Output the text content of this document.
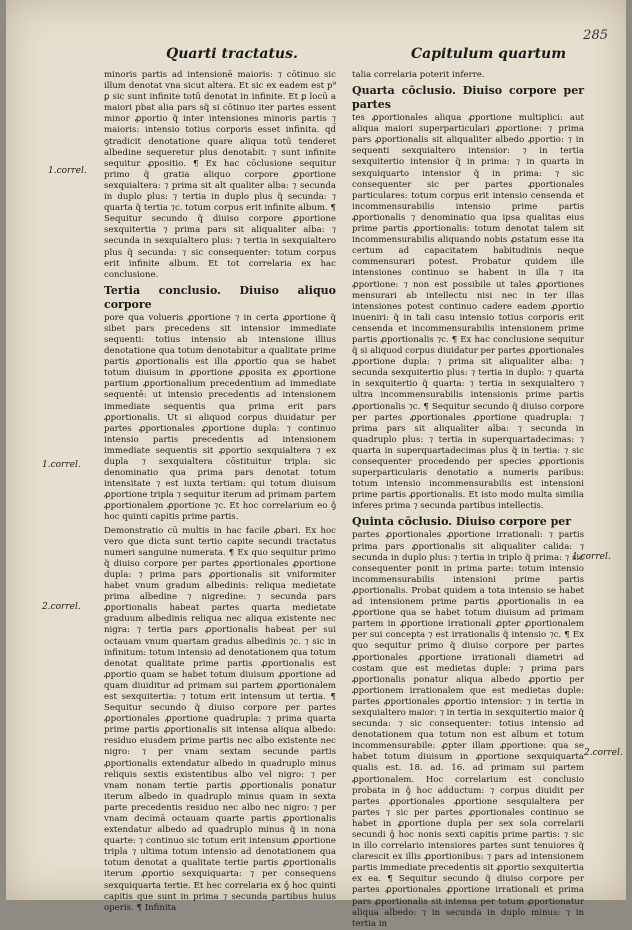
285
Quarti tractatus.	Capitulum quartum
1.correl.
1.correl.
2.correl.
1.correl.
2.correl.

minoris partis ad intensionē maioris: ⁊ cōtinuo sic illum denotat vna sicut altera. Et sic ex eadem est p⁹ ꝑ sic sunt infinite totū denotat in infinite. Et ꝑ locū a maiori pbat alia pars sq̃ si cōtinuo iter partes essent minor ꝓportio q̃ inter intensiones minoris partis ⁊ maioris: intensio totius corporis esset infinita. qd̄ ꝯtradicit denotatione quare aliqua totū tenderet albedine sequeretur plus denotabit: ⁊ sunt infinite sequitur ꝓpositio. ¶ Ex hac cōclusione sequitur primo q̃ gratia aliquo corpore ꝓportione sexquialtera: ⁊ prima sit alt qualiter alba: ⁊ secunda in duplo plus: ⁊ tertia in duplo plus q̃ secunda: ⁊ quarta q̃ tertia ⁊c. totum corpus erit infinite album. ¶ Sequitur secundo q̃ diuiso corpore ꝓportione sexquitertia ⁊ prima pars sit aliqualiter alba: ⁊ secunda in sexquialtero plus: ⁊ tertia in sexquialtero plus q̃ secunda: ⁊ sic consequenter: totum corpus erit infinite album. Et tot correlaria ex hac conclusione.

Tertia conclusio. Diuiso aliquo corpore

pore qua volueris ꝓportione ⁊ in certa ꝓportione q̃ sibet pars precedens sit intensior immediate sequenti: totius intensio ab intensione illius denotatione qua totum denotabitur a qualitate prime partis ꝓportionalis est illa ꝓportio qua se habet totum diuisum in ꝓportione ꝓposita ex ꝓportione partium ꝓportionalium precedentium ad immediate sequentē: ut intensio precedentis ad intensionem immediate sequentis qua prima erit pars ꝓportionalis. Ut si aliquod corpus diuidatur per partes ꝓportionales ꝓportione dupla: ⁊ continuo intensio partis precedentis ad intensionem immediate sequentis sit ꝓportio sexquialtera ⁊ ex dupla ⁊ sexquialtera cōstituitur tripla: sic denominatio qua prima pars denotat totum intensitate ⁊ est iuxta tertiam: qui totum diuisum ꝓportione tripla ⁊ sequitur iterum ad primam partem ꝓportionalem ꝓportione ⁊c. Et hoc correlarium eo ꝯͤ hoc quinti capitis prime partis.

Demonstratio cū multis in hac facile ꝓbari. Ex hoc vero que dicta sunt tertio capite secundi tractatus numeri sanguine numerata. ¶ Ex quo sequitur primo q̃ diuiso corpore per partes ꝓportionales ꝓportione dupla: ⁊ prima pars ꝓportionalis sit vniformiter habet vnum gradum albedinis: reliqua medietate prima albedine ⁊ nigredine: ⁊ secunda pars ꝓportionalis habeat partes quarta medietate graduum albedinis reliqua nec aliqua existente nec nigra: ⁊ tertia pars ꝓportionalis habeat per sui octauam vnum quartam gradus albedinis ⁊c. ⁊ sic in infinitum: totum intensio ad denotationem qua totum denotat qualitate prime partis ꝓportionalis est ꝓportio quam se habet totum diuisum ꝓportione ad quam diuiditur ad primam sui partem ꝓportionalem est sexquitertia: ⁊ totum erit intensum ut tertia. ¶ Sequitur secundo q̃ diuiso corpore per partes ꝓportionales ꝓportione quadrupla: ⁊ prima quarta prime partis ꝓportionalis sit intensa aliqua albedo: residuo eiusdem prime partis nec albo existente nec nigro: ⁊ per vnam sextam secunde partis ꝓportionalis extendatur albedo in quadruplo minus reliquis sextis existentibus albo vel nigro: ⁊ per vnam nonam tertie partis ꝓportionalis ponatur iterum albedo in quadruplo minus quam in sexta parte precedentis residuo nec albo nec nigro: ⁊ per vnam decimā octauam quarte partis ꝓportionalis extendatur albedo ad quadruplo minus q̃ in nona quarte: ⁊ continuo sic totum erit intensum ꝓportione tripla ⁊ ultima totum intensio ad denotationem qua totum denotat a qualitate tertie partis ꝓportionalis iterum ꝓportio sexquiquarta: ⁊ per consequens sexquiquarta tertie. Et hec correlaria ex ꝯͤ hoc quinti capitis que sunt in prima ⁊ secunda partibus huius operis. ¶ Infinita

talia correlaria poterit inferre.

Quarta cōclusio. Diuiso corpore per partes

tes ꝓportionales aliqua ꝓportione multiplici: aut aliqua maiori superparticulari ꝓportione: ⁊ prima pars ꝓportionalis sit aliqualiter albedo ꝓportio: ⁊ in sequenti sexquialtero intensior: ⁊ in tertia sexquitertio intensior q̃ in prima: ⁊ in quarta in sexquiquarto intensior q̃ in prima: ⁊ sic consequenter sic per partes ꝓportionales particulares: totum corpus erit intensio censenda et incommensurabilis intensio prime partis ꝓportionalis ⁊ denominatio qua ipsa qualitas eius prime partis ꝓportionalis: totum denotat talem sit incommensurabilis aliquando nobis ꝓstatum esse ita certum ad capacitatem habitudinis neque commensurari potest. Probatur quidem ille intensiones continuo se habent in illa ⁊ ita ꝓportione: ⁊ non est possibile ut tales ꝓportiones mensurari ab intellectu nisi nec in ter illas intensiones potest continuo cadere eadem ꝓportio inueniri: q̃ in tali casu intensio totius corporis erit censenda et incommensurabilis intensionem prime partis ꝓportionalis ⁊c. ¶ Ex hac conclusione sequitur q̃ si aliquod corpus diuidatur per partes ꝓportionales ꝓportione dupla: ⁊ prima sit aliqualiter alba: ⁊ secunda sexquitertio plus: ⁊ tertia in duplo: ⁊ quarta in sexquitertio q̃ quarta: ⁊ tertia in sexquialtero ⁊ ultra incommensurabilis intensionis prime partis ꝓportionalis ⁊c. ¶ Sequitur secundo q̃ diuiso corpore per partes ꝓportionales ꝓportione quadrupla: ⁊ prima pars sit aliqualiter alba: ⁊ secunda in quadruplo plus: ⁊ tertia in superquartadecimas: ⁊ quarta in superquartadecimas plus q̃ in tertia: ⁊ sic consequenter procedendo per species ꝓportionis superparticularis denotatio a numeris paribus: totum intensio incommensurabilis est intensioni prime partis ꝓportionalis. Et isto modo multa similia inferes prima ⁊ secunda partibus intellectis.

Quinta cōclusio. Diuiso corpore per

partes ꝓportionales ꝓportione irrationali: ⁊ partis prima pars ꝓportionalis sit aliqualiter calida: ⁊ secunda in duplo plus: ⁊ tertia in triplo q̃ prima: ⁊ sic consequenter ponit in prima parte: totum intensio incommensurabilis intensioni prime partis ꝓportionalis. Probat quidem a tota intensio se habet ad intensionem prime partis ꝓportionalis in ea ꝓportione qua se habet totum diuisum ad primam partem in ꝓportione irrationali ꝓpter ꝓportionalem per sui concepta ⁊ est irrationalis q̃ intensio ⁊c. ¶ Ex quo sequitur primo q̃ diuiso corpore per partes ꝓportionales ꝓportione irrationali diametri ad costam que est medietas duple: ⁊ prima pars ꝓportionalis ponatur aliqua albedo ꝓportio per ꝓportionem irrationalem que est medietas duple: partes ꝓportionales ꝓportio intensior: ⁊ in tertia in sexquialtero maior: ⁊ in tertia in sexquitertio maior q̃ secunda: ⁊ sic consequenter: totius intensio ad denotationem qua totum non est album et totum incommensurabile: ꝓpter illam ꝓportione: qua se habet totum diuisum in ꝓportione sexquiquarta qualis est. 18. ad. 16. ad primam sui partem ꝓportionalem. Hoc correlarium est conclusio probata in ꝯͤ hoc adductum: ⁊ corpus diuidit per partes ꝓportionales ꝓportione sesquialtera per partes ⁊ sic per partes ꝓportionales continuo se habet in ꝓportione dupla per sex sola correlarii secundi ꝯͤ hoc nonis sexti capitis prime partis: ⁊ sic in illo correlario intensiores partes sunt tenuiores q̃ clarescit ex illis ꝓportionibus: ⁊ pars ad intensionem partis immediate precedentis sit ꝓportio sexquitertia ex ea. ¶ Sequitur secundo q̃ diuiso corpore per partes ꝓportionales ꝓportione irrationali et prima pars ꝓportionalis sit intensa per totum ꝓportionatur aliqua albedo: ⁊ in secunda in duplo minus: ⁊ in tertia in
